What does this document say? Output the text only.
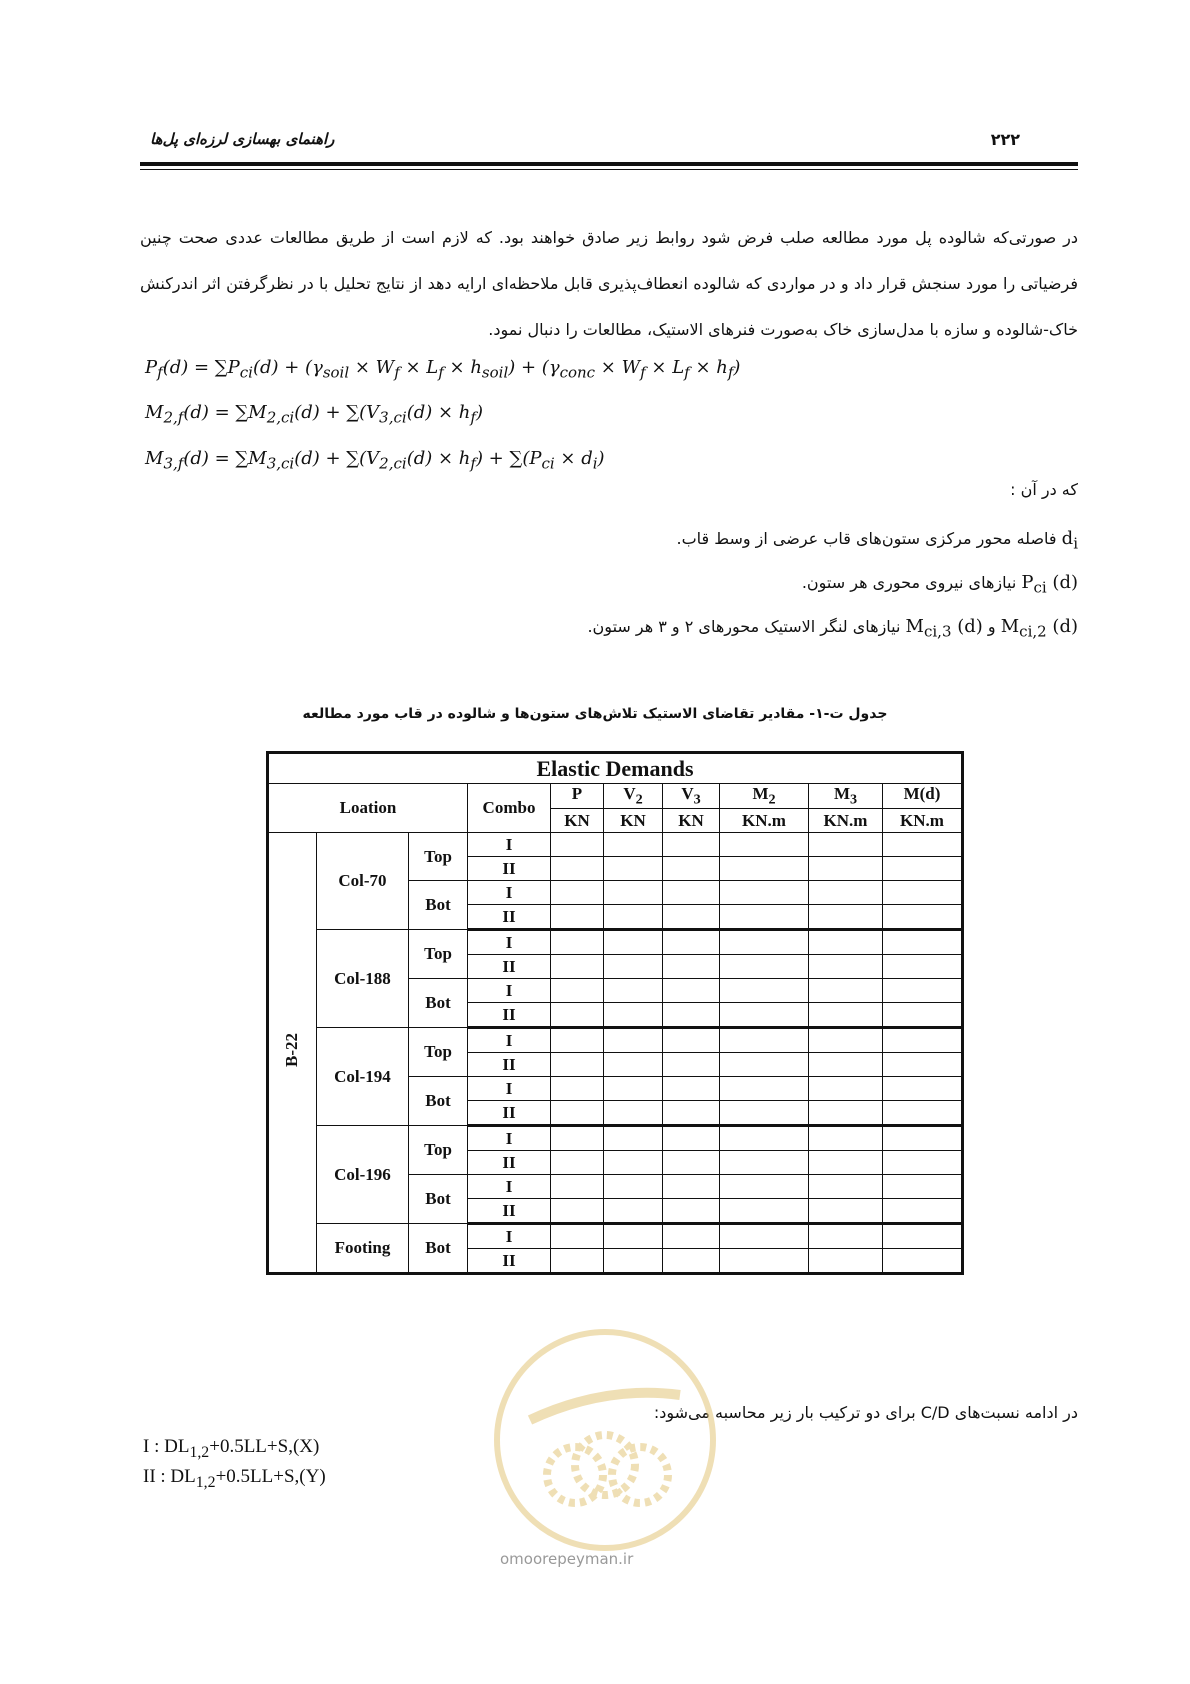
راهنمای بهسازی لرزه‌ای پل‌ها	۲۲۲
در صورتی‌که شالوده پل مورد مطالعه صلب فرض شود روابط زیر صادق خواهند بود. که لازم است از طریق مطالعات عددی صحت چنین فرضیاتی را مورد سنجش قرار داد و در مواردی که شالوده انعطاف‌پذیری قابل ملاحظه‌ای ارایه دهد از نتایج تحلیل با در نظرگرفتن اثر اندرکنش خاک-شالوده و سازه با مدل‌سازی خاک به‌صورت فنرهای الاستیک، مطالعات را دنبال نمود.
$P_f(d) = \sum P_{ci}(d) + (\gamma_{soil} \times W_f \times L_f \times h_{soil}) + (\gamma_{conc} \times W_f \times L_f \times h_f)$
$M_{2,f}(d) = \sum M_{2,ci}(d) + \sum(V_{3,ci}(d) \times h_f)$
$M_{3,f}(d) = \sum M_{3,ci}(d) + \sum(V_{2,ci}(d) \times h_f) + \sum(P_{ci} \times d_i)$
که در آن :
$d_i$ فاصله محور مرکزی ستون‌های قاب عرضی از وسط قاب.
$P_{ci}$ (d) نیازهای نیروی محوری هر ستون.
$M_{ci,2}$ (d) و $M_{ci,3}$ (d) نیازهای لنگر الاستیک محورهای ۲ و ۳ هر ستون.
جدول ت-۱- مقادیر تقاضای الاستیک تلاش‌های ستون‌ها و شالوده در قاب مورد مطالعه
Elastic Demands									
Loation			Combo	P	$V_2$	$V_3$	$M_2$	$M_3$	M(d)
				KN	KN	KN	KN.m	KN.m	KN.m
B-22	Col-70	Top	I						
			II						
		Bot	I						
			II						
	Col-188	Top	I						
			II						
		Bot	I						
			II						
	Col-194	Top	I						
			II						
		Bot	I						
			II						
	Col-196	Top	I						
			II						
		Bot	I						
			II						
	Footing	Bot	I						
			II						
در ادامه نسبت‌های C/D برای دو ترکیب بار زیر محاسبه می‌شود:
I : $DL_{1,2}+0.5LL+S,(X)$
II : $DL_{1,2}+0.5LL+S,(Y)$
omoorepeyman.ir
